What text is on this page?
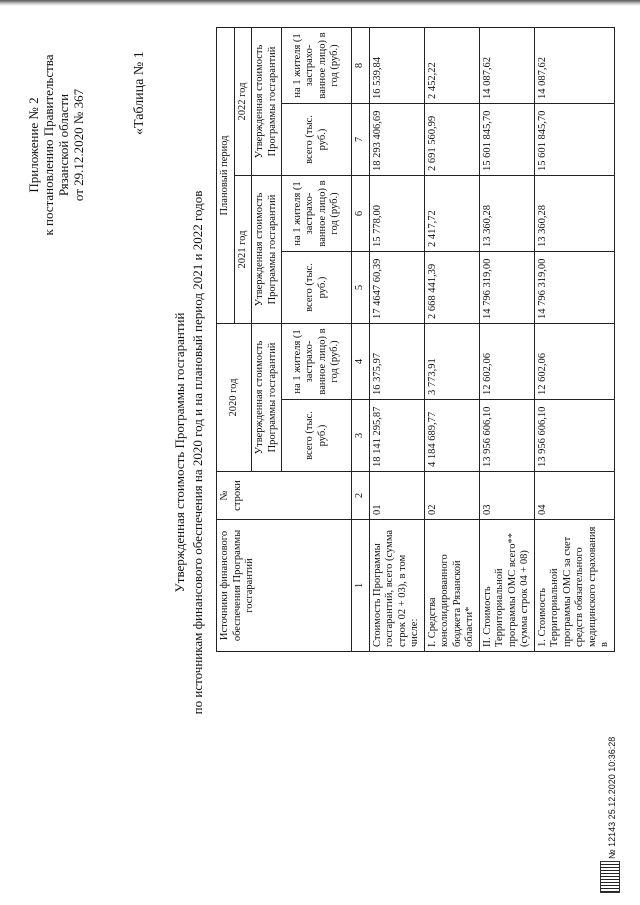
Приложение № 2 к постановлению Правительства Рязанской области от 29.12.2020 № 367	«Таблица № 1
Утвержденная стоимость Программы госгарантий по источникам финансового обеспечения на 2020 год и на плановый период 2021 и 2022 годов Источники финансового обеспечения Программы госгарантий	№ строки	2020 год		Плановый период			
				2021 год		2022 год	
		Утвержденная стоимость Программы госгарантий		Утвержденная стоимость Программы госгарантий		Утвержденная стоимость Программы госгарантий	
		всего (тыс. руб.)	на 1 жителя (1 застрахо-ванное лицо) в год (руб.)	всего (тыс. руб.)	на 1 жителя (1 застрахо-ванное лицо) в год (руб.)	всего (тыс. руб.)	на 1 жителя (1 застрахо-ванное лицо) в год (руб.)
1	2	3	4	5	6	7	8
Стоимость Программы госгарантий, всего (сумма строк 02 + 03), в том числе:	01	18 141 295,87	16 375,97	17 4647 60,39	15 778,00	18 293 406,69	16 539,84
I. Средства консолидированного бюджета Рязанской области*	02	4 184 689,77	3 773,91	2 668 441,39	2 417,72	2 691 560,99	2 452,22
II. Стоимость Территориальной программы ОМС всего** (сумма строк 04 + 08)	03	13 956 606,10	12 602,06	14 796 319,00	13 360,28	15 601 845,70	14 087,62
1. Стоимость Территориальной программы ОМС за счет средств обязательного медицинского страхования в	04	13 956 606,10	12 602,06	14 796 319,00	13 360,28	15 601 845,70	14 087,62
№ 12143 25.12.2020 10:36:28
